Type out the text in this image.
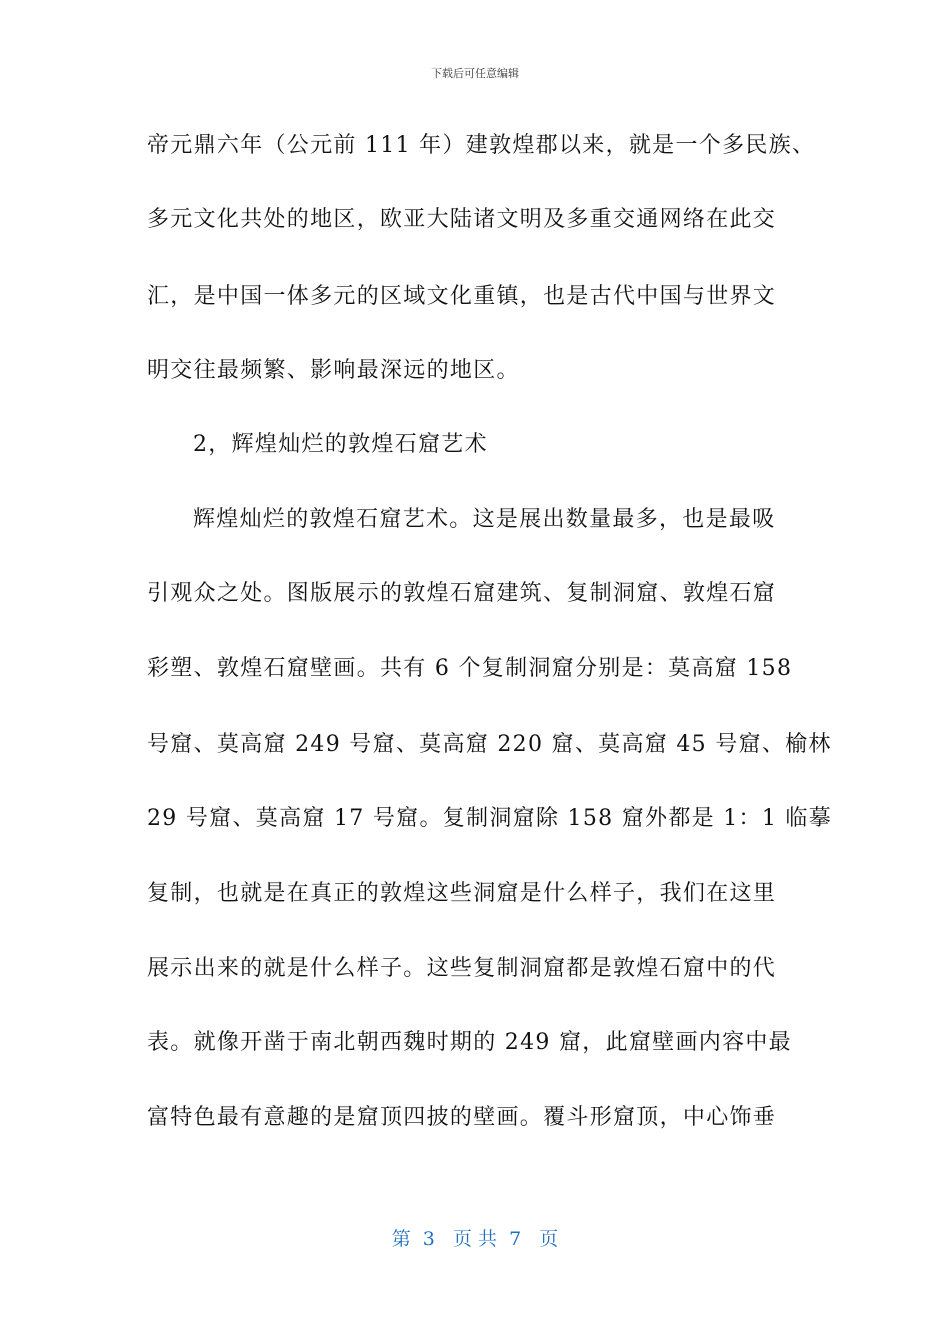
下载后可任意编辑
帝元鼎六年（公元前 111 年）建敦煌郡以来，就是一个多民族、
多元文化共处的地区，欧亚大陆诸文明及多重交通网络在此交
汇，是中国一体多元的区域文化重镇，也是古代中国与世界文
明交往最频繁、影响最深远的地区。
2，辉煌灿烂的敦煌石窟艺术
辉煌灿烂的敦煌石窟艺术。这是展出数量最多，也是最吸
引观众之处。图版展示的敦煌石窟建筑、复制洞窟、敦煌石窟
彩塑、敦煌石窟壁画。共有 6 个复制洞窟分别是：莫高窟 158
号窟、莫高窟 249 号窟、莫高窟 220 窟、莫高窟 45 号窟、榆林
29 号窟、莫高窟 17 号窟。复制洞窟除 158 窟外都是 1：1 临摹
复制，也就是在真正的敦煌这些洞窟是什么样子，我们在这里
展示出来的就是什么样子。这些复制洞窟都是敦煌石窟中的代
表。就像开凿于南北朝西魏时期的 249 窟，此窟壁画内容中最
富特色最有意趣的是窟顶四披的壁画。覆斗形窟顶，中心饰垂
第  3   页 共  7   页
